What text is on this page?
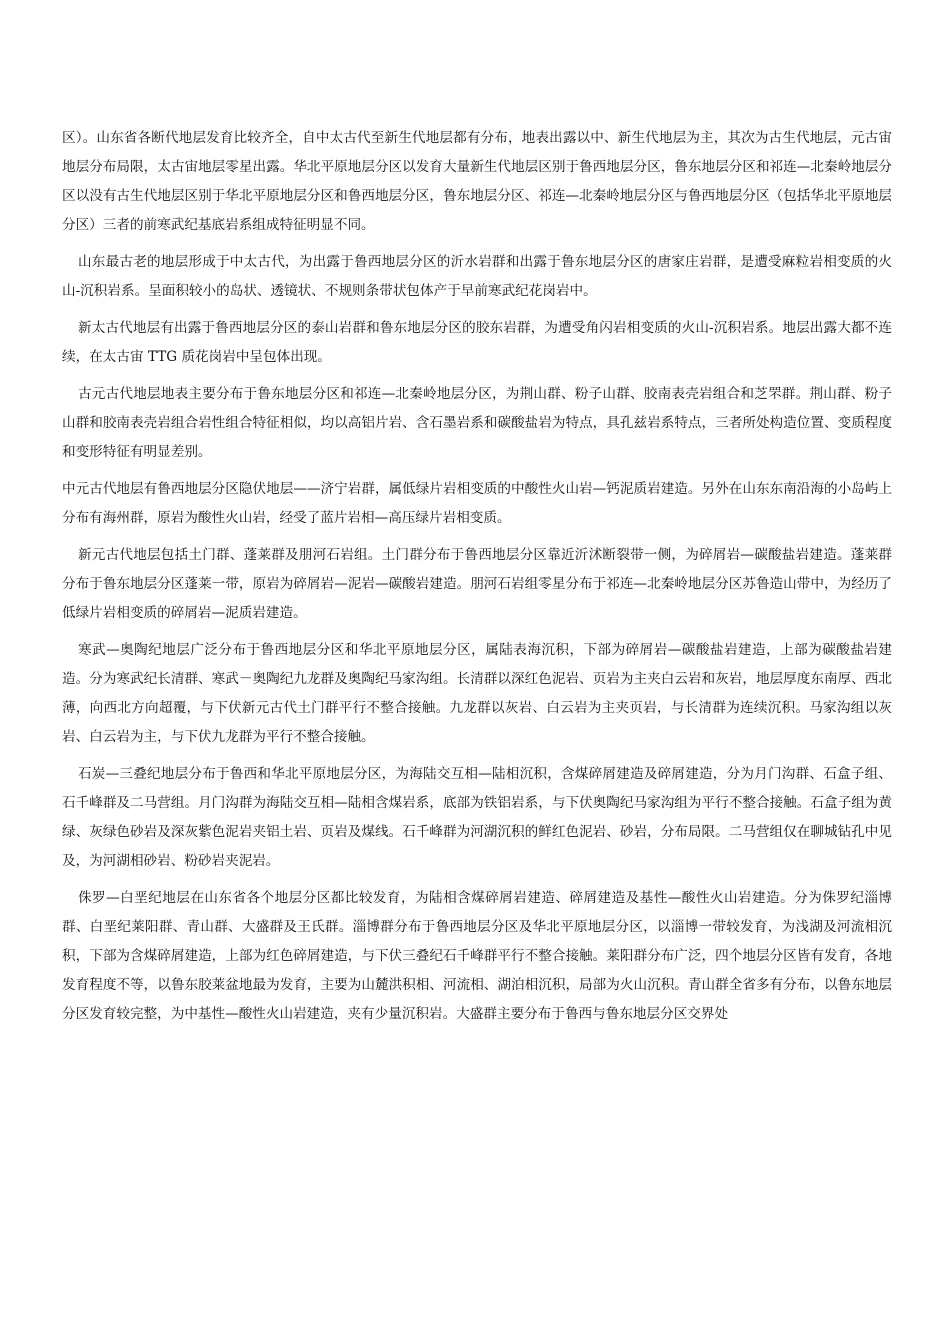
区）。山东省各断代地层发育比较齐全，自中太古代至新生代地层都有分布，地表出露以中、新生代地层为主，其次为古生代地层，元古宙地层分布局限，太古宙地层零星出露。华北平原地层分区以发育大量新生代地层区别于鲁西地层分区，鲁东地层分区和祁连—北秦岭地层分区以没有古生代地层区别于华北平原地层分区和鲁西地层分区，鲁东地层分区、祁连—北秦岭地层分区与鲁西地层分区（包括华北平原地层分区）三者的前寒武纪基底岩系组成特征明显不同。

山东最古老的地层形成于中太古代，为出露于鲁西地层分区的沂水岩群和出露于鲁东地层分区的唐家庄岩群，是遭受麻粒岩相变质的火山-沉积岩系。呈面积较小的岛状、透镜状、不规则条带状包体产于早前寒武纪花岗岩中。

新太古代地层有出露于鲁西地层分区的泰山岩群和鲁东地层分区的胶东岩群，为遭受角闪岩相变质的火山-沉积岩系。地层出露大都不连续，在太古宙 TTG 质花岗岩中呈包体出现。

古元古代地层地表主要分布于鲁东地层分区和祁连—北秦岭地层分区，为荆山群、粉子山群、胶南表壳岩组合和芝罘群。荆山群、粉子山群和胶南表壳岩组合岩性组合特征相似，均以高铝片岩、含石墨岩系和碳酸盐岩为特点，具孔兹岩系特点，三者所处构造位置、变质程度和变形特征有明显差别。

中元古代地层有鲁西地层分区隐伏地层——济宁岩群，属低绿片岩相变质的中酸性火山岩—钙泥质岩建造。另外在山东东南沿海的小岛屿上分布有海州群，原岩为酸性火山岩，经受了蓝片岩相—高压绿片岩相变质。

新元古代地层包括土门群、蓬莱群及朋河石岩组。土门群分布于鲁西地层分区靠近沂沭断裂带一侧，为碎屑岩—碳酸盐岩建造。蓬莱群分布于鲁东地层分区蓬莱一带，原岩为碎屑岩—泥岩—碳酸岩建造。朋河石岩组零星分布于祁连—北秦岭地层分区苏鲁造山带中，为经历了低绿片岩相变质的碎屑岩—泥质岩建造。

寒武—奥陶纪地层广泛分布于鲁西地层分区和华北平原地层分区，属陆表海沉积，下部为碎屑岩—碳酸盐岩建造，上部为碳酸盐岩建造。分为寒武纪长清群、寒武－奥陶纪九龙群及奥陶纪马家沟组。长清群以深红色泥岩、页岩为主夹白云岩和灰岩，地层厚度东南厚、西北薄，向西北方向超覆，与下伏新元古代土门群平行不整合接触。九龙群以灰岩、白云岩为主夹页岩，与长清群为连续沉积。马家沟组以灰岩、白云岩为主，与下伏九龙群为平行不整合接触。

石炭—三叠纪地层分布于鲁西和华北平原地层分区，为海陆交互相—陆相沉积，含煤碎屑建造及碎屑建造，分为月门沟群、石盒子组、石千峰群及二马营组。月门沟群为海陆交互相—陆相含煤岩系，底部为铁铝岩系，与下伏奥陶纪马家沟组为平行不整合接触。石盒子组为黄绿、灰绿色砂岩及深灰紫色泥岩夹铝土岩、页岩及煤线。石千峰群为河湖沉积的鲜红色泥岩、砂岩，分布局限。二马营组仅在聊城钻孔中见及，为河湖相砂岩、粉砂岩夹泥岩。

侏罗—白垩纪地层在山东省各个地层分区都比较发育，为陆相含煤碎屑岩建造、碎屑建造及基性—酸性火山岩建造。分为侏罗纪淄博群、白垩纪莱阳群、青山群、大盛群及王氏群。淄博群分布于鲁西地层分区及华北平原地层分区，以淄博一带较发育，为浅湖及河流相沉积，下部为含煤碎屑建造，上部为红色碎屑建造，与下伏三叠纪石千峰群平行不整合接触。莱阳群分布广泛，四个地层分区皆有发育，各地发育程度不等，以鲁东胶莱盆地最为发育，主要为山麓洪积相、河流相、湖泊相沉积，局部为火山沉积。青山群全省多有分布，以鲁东地层分区发育较完整，为中基性—酸性火山岩建造，夹有少量沉积岩。大盛群主要分布于鲁西与鲁东地层分区交界处
